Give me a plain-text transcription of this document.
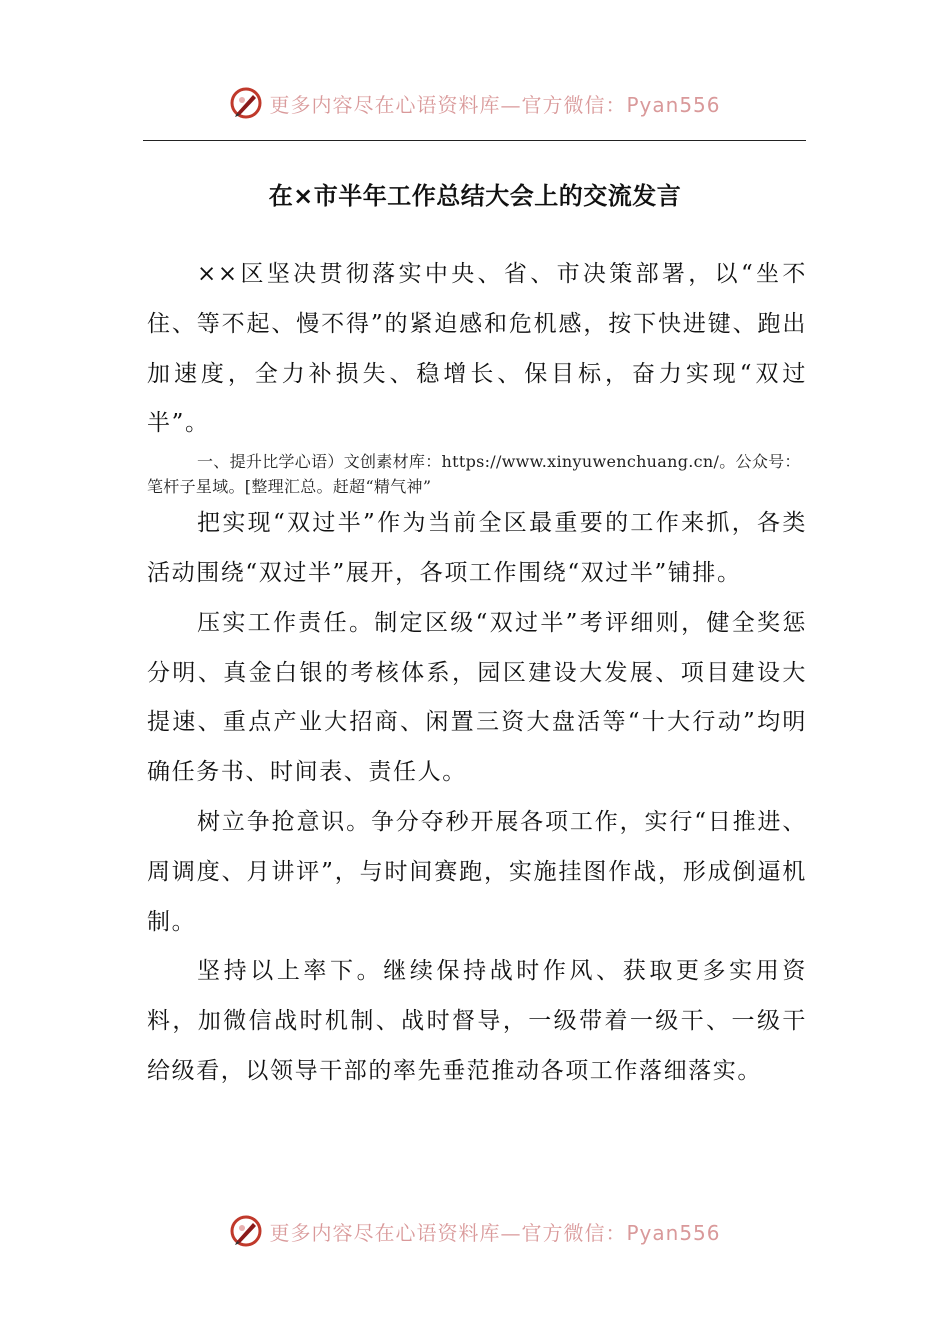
更多内容尽在心语资料库—官方微信：Pyan556
在×市半年工作总结大会上的交流发言

××区坚决贯彻落实中央、省、市决策部署，以“坐不住、等不起、慢不得”的紧迫感和危机感，按下快进键、跑出加速度，全力补损失、稳增长、保目标，奋力实现“双过半”。

一、提升比学心语）文创素材库：https://www.xinyuwenchuang.cn/。公众号：笔杆子星域。[整理汇总。赶超“精气神”

把实现“双过半”作为当前全区最重要的工作来抓，各类活动围绕“双过半”展开，各项工作围绕“双过半”铺排。

压实工作责任。制定区级“双过半”考评细则，健全奖惩分明、真金白银的考核体系，园区建设大发展、项目建设大提速、重点产业大招商、闲置三资大盘活等“十大行动”均明确任务书、时间表、责任人。

树立争抢意识。争分夺秒开展各项工作，实行“日推进、周调度、月讲评”，与时间赛跑，实施挂图作战，形成倒逼机制。

坚持以上率下。继续保持战时作风、获取更多实用资料，加微信战时机制、战时督导，一级带着一级干、一级干给级看，以领导干部的率先垂范推动各项工作落细落实。

更多内容尽在心语资料库—官方微信：Pyan556
